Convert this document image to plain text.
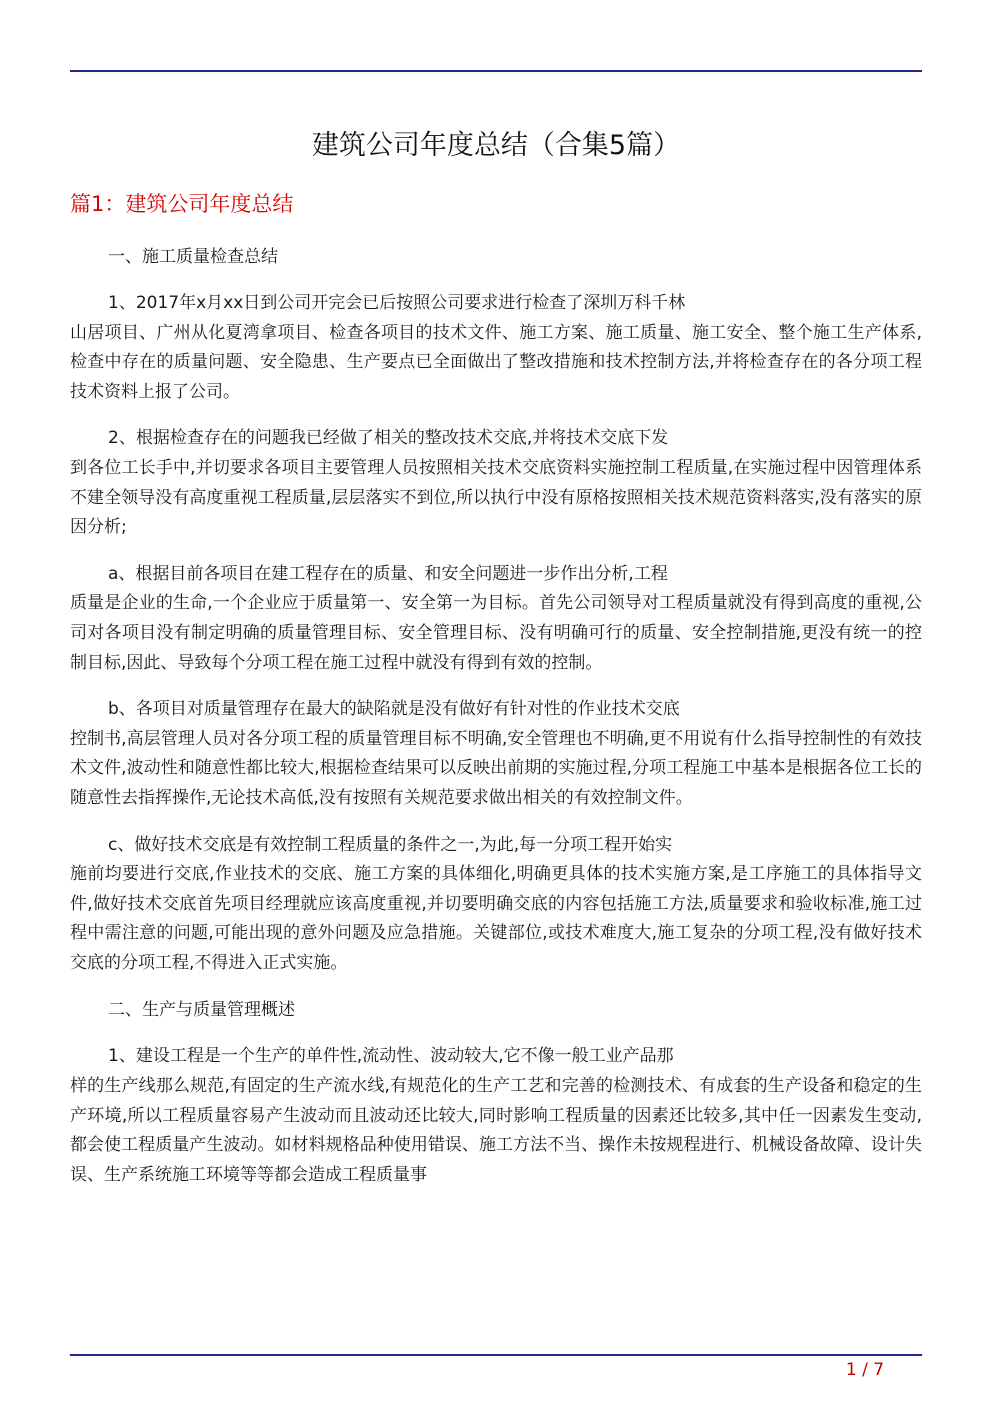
建筑公司年度总结（合集5篇）
篇1：建筑公司年度总结

一、施工质量检查总结

1、2017年x月xx日到公司开完会已后按照公司要求进行检查了深圳万科千林
山居项目、广州从化夏湾拿项目、检查各项目的技术文件、施工方案、施工质量、施工安全、整个施工生产体系,检查中存在的质量问题、安全隐患、生产要点已全面做出了整改措施和技术控制方法,并将检查存在的各分项工程技术资料上报了公司。

2、根据检查存在的问题我已经做了相关的整改技术交底,并将技术交底下发
到各位工长手中,并切要求各项目主要管理人员按照相关技术交底资料实施控制工程质量,在实施过程中因管理体系不建全领导没有高度重视工程质量,层层落实不到位,所以执行中没有原格按照相关技术规范资料落实,没有落实的原因分析;

a、根据目前各项目在建工程存在的质量、和安全问题进一步作出分析,工程
质量是企业的生命,一个企业应于质量第一、安全第一为目标。首先公司领导对工程质量就没有得到高度的重视,公司对各项目没有制定明确的质量管理目标、安全管理目标、没有明确可行的质量、安全控制措施,更没有统一的控制目标,因此、导致每个分项工程在施工过程中就没有得到有效的控制。

b、各项目对质量管理存在最大的缺陷就是没有做好有针对性的作业技术交底
控制书,高层管理人员对各分项工程的质量管理目标不明确,安全管理也不明确,更不用说有什么指导控制性的有效技术文件,波动性和随意性都比较大,根据检查结果可以反映出前期的实施过程,分项工程施工中基本是根据各位工长的随意性去指挥操作,无论技术高低,没有按照有关规范要求做出相关的有效控制文件。

c、做好技术交底是有效控制工程质量的条件之一,为此,每一分项工程开始实
施前均要进行交底,作业技术的交底、施工方案的具体细化,明确更具体的技术实施方案,是工序施工的具体指导文件,做好技术交底首先项目经理就应该高度重视,并切要明确交底的内容包括施工方法,质量要求和验收标准,施工过程中需注意的问题,可能出现的意外问题及应急措施。关键部位,或技术难度大,施工复杂的分项工程,没有做好技术交底的分项工程,不得进入正式实施。

二、生产与质量管理概述

1、建设工程是一个生产的单件性,流动性、波动较大,它不像一般工业产品那
样的生产线那么规范,有固定的生产流水线,有规范化的生产工艺和完善的检测技术、有成套的生产设备和稳定的生产环境,所以工程质量容易产生波动而且波动还比较大,同时影响工程质量的因素还比较多,其中任一因素发生变动,都会使工程质量产生波动。如材料规格品种使用错误、施工方法不当、操作未按规程进行、机械设备故障、设计失误、生产系统施工环境等等都会造成工程质量事

1 / 7
